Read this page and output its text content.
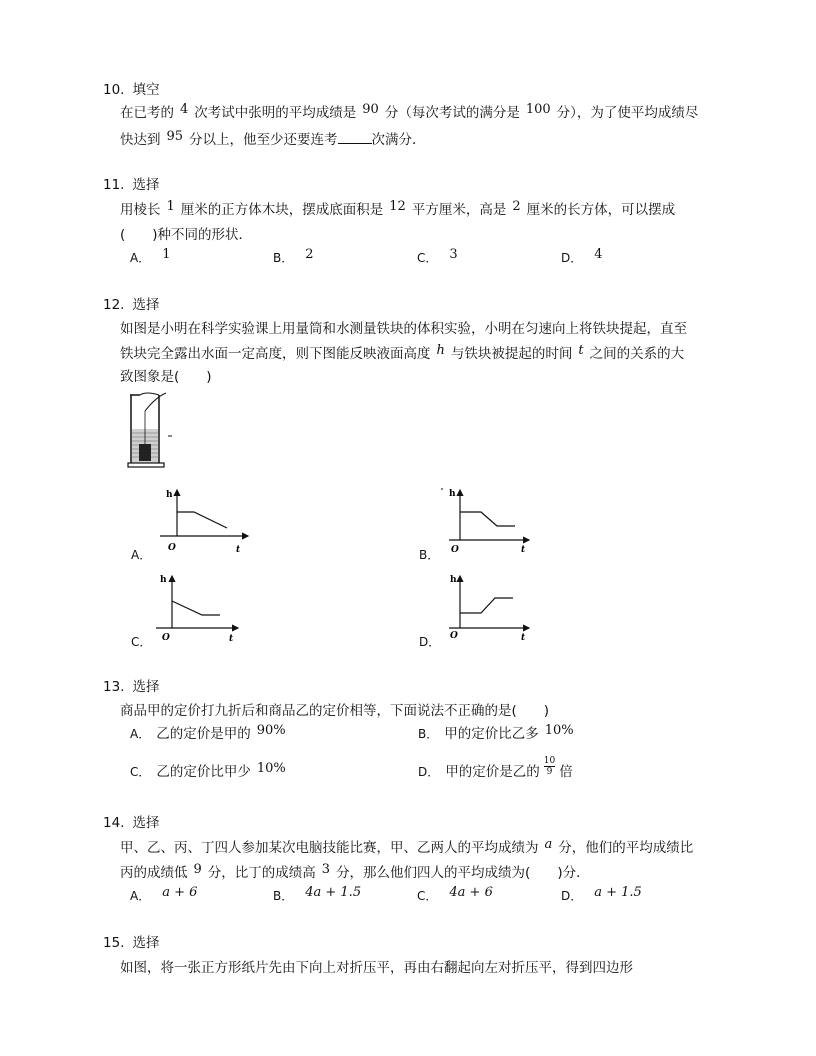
10. 填空
在已考的 4 次考试中张明的平均成绩是 90 分（每次考试的满分是 100 分），为了使平均成绩尽
快达到 95 分以上，他至少还要连考	次满分．
11. 选择
用棱长 1 厘米的正方体木块，摆成底面积是 12 平方厘米，高是 2 厘米的长方体，可以摆成
(　　)种不同的形状．
A． 1	B． 2	C． 3	D． 4
12. 选择
如图是小明在科学实验课上用量筒和水测量铁块的体积实验，小明在匀速向上将铁块提起，直至
铁块完全露出水面一定高度，则下图能反映液面高度 h 与铁块被提起的时间 t 之间的关系的大
致图象是(　　)
A．
h
O	t	B．
h
O	t
C．
h
O	t	D．
h
O	t
13. 选择
商品甲的定价打九折后和商品乙的定价相等，下面说法不正确的是(　　)
A． 乙的定价是甲的 90%	B． 甲的定价比乙多 10%
C． 乙的定价比甲少 10%	D． 甲的定价是乙的 $\frac{10}{9}$ 倍
14. 选择
甲、乙、丙、丁四人参加某次电脑技能比赛，甲、乙两人的平均成绩为 a 分，他们的平均成绩比
丙的成绩低 9 分，比丁的成绩高 3 分，那么他们四人的平均成绩为(　　)分．
A． a + 6	B． 4a + 1.5	C． 4a + 6	D． a + 1.5
15. 选择
如图，将一张正方形纸片先由下向上对折压平，再由右翻起向左对折压平，得到四边形
